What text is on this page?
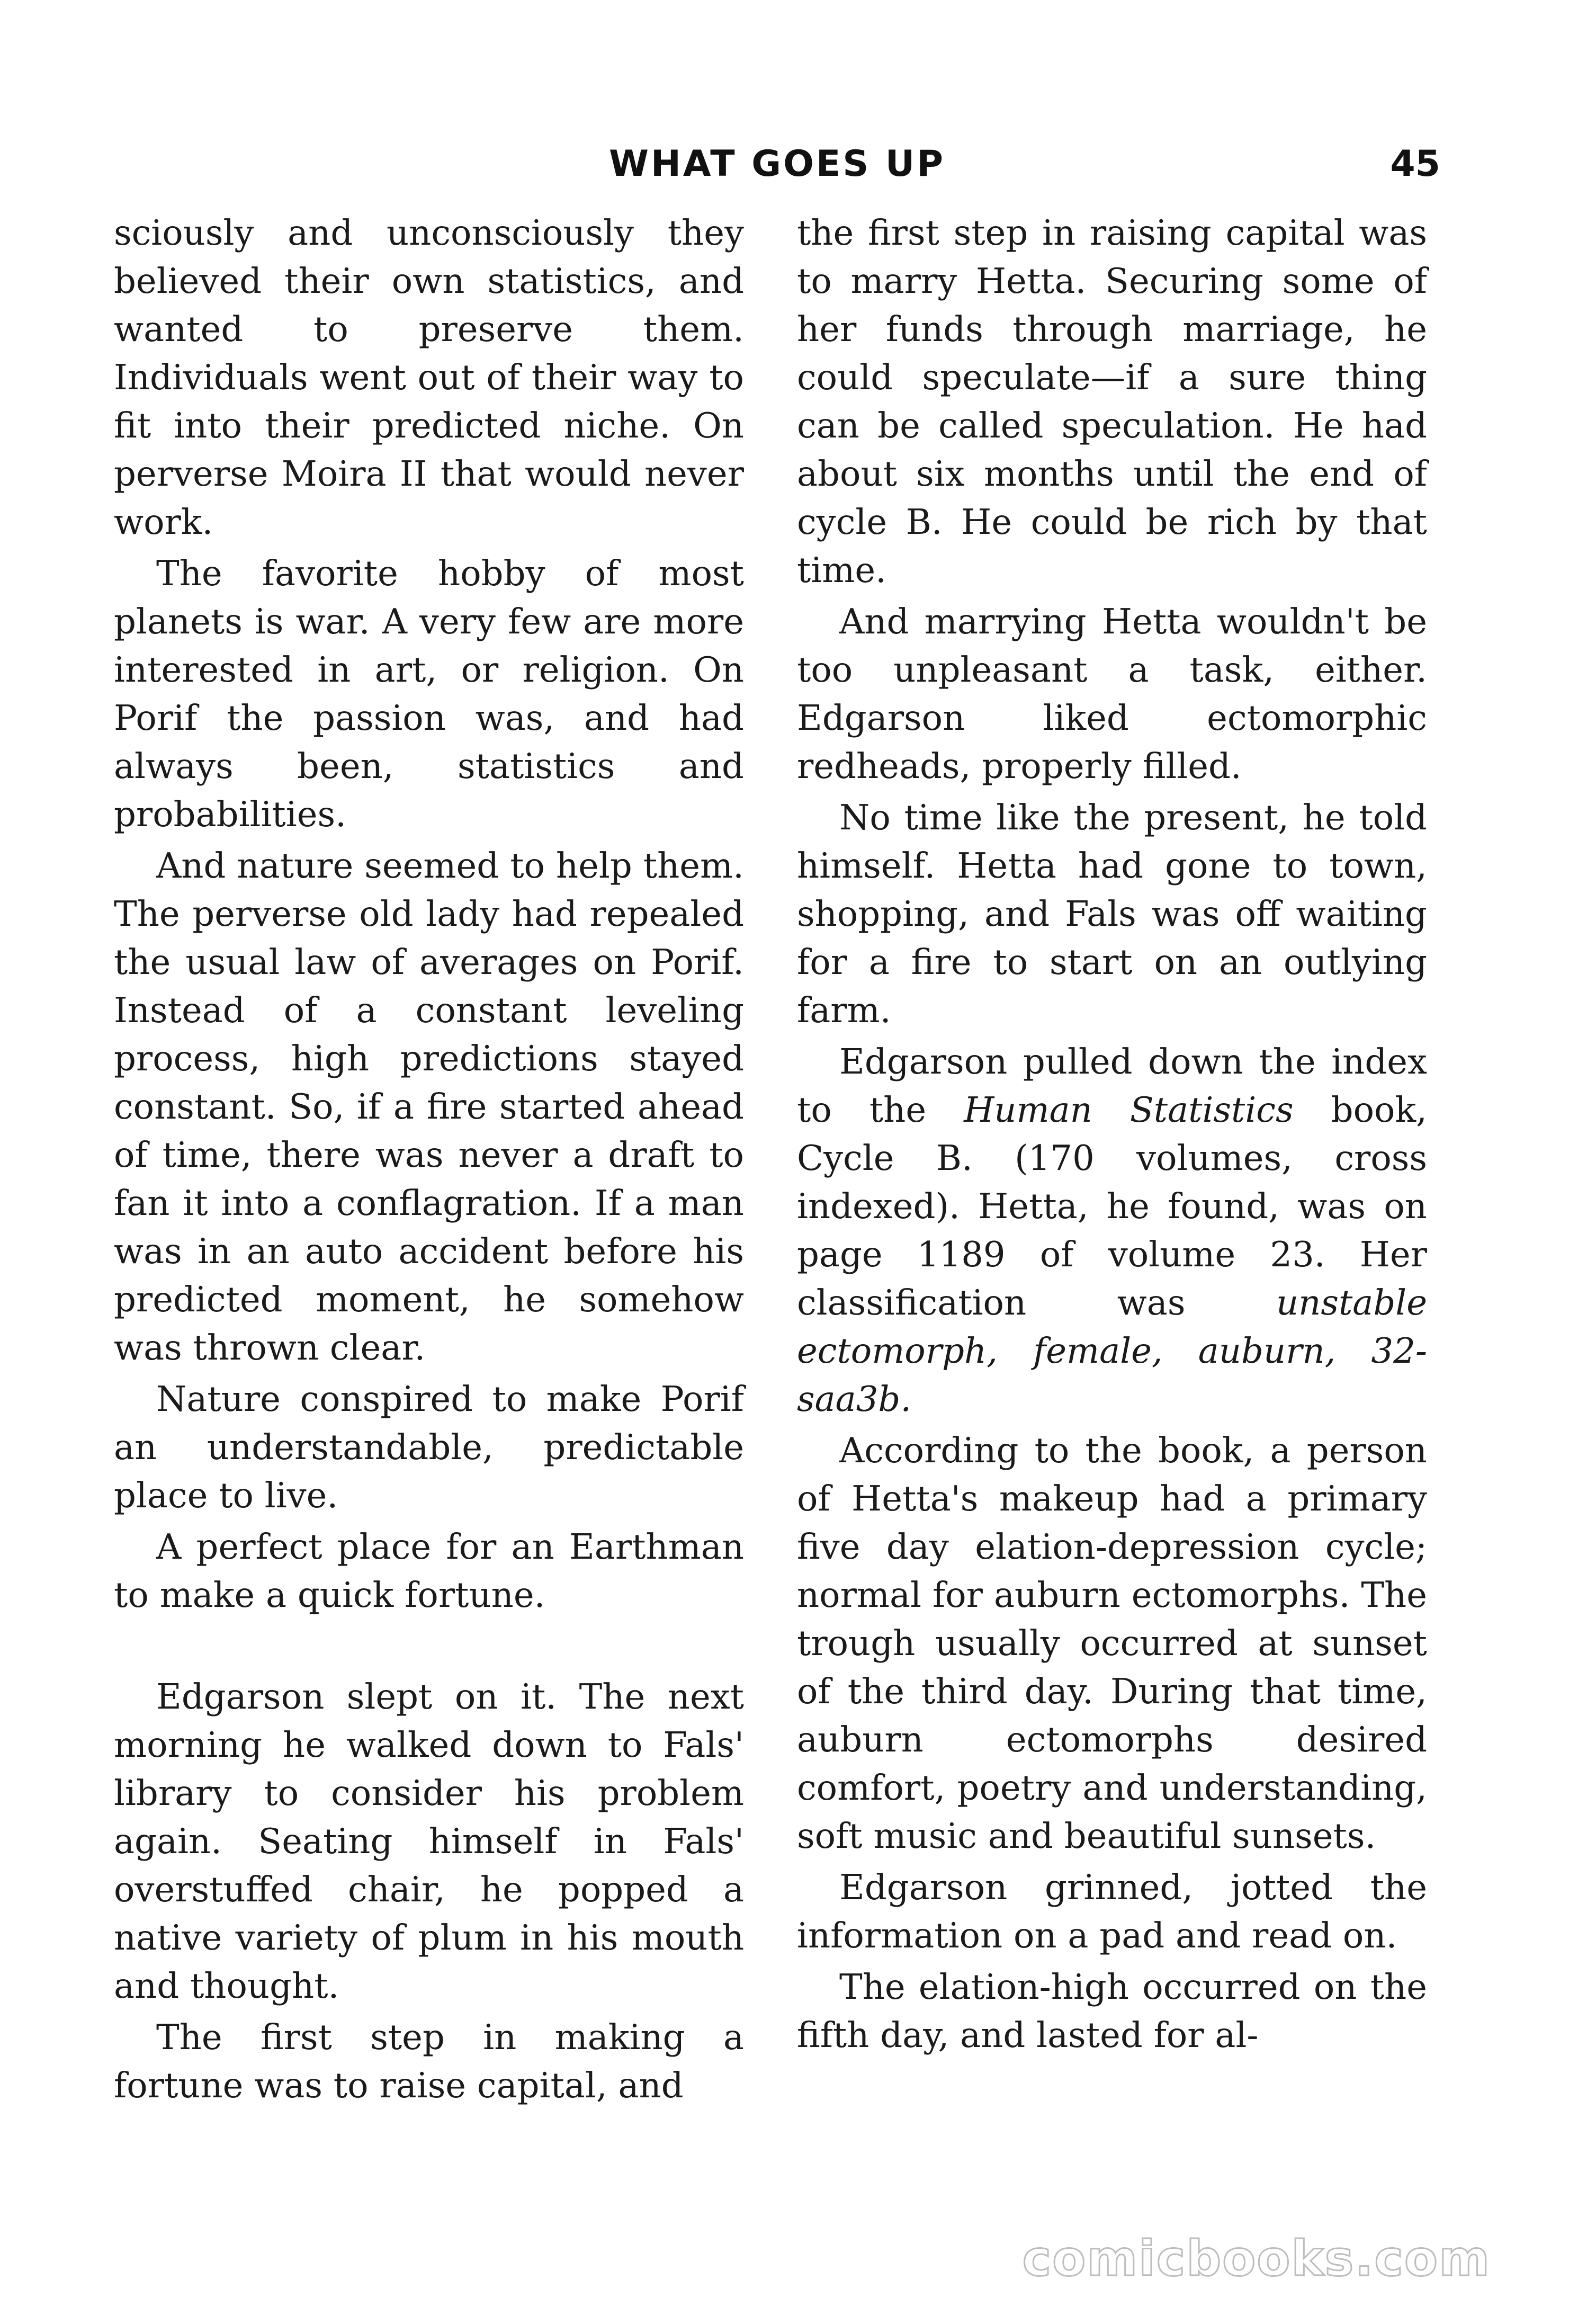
WHAT GOES UP	45

sciously and unconsciously they believed their own statistics, and wanted to preserve them. Individuals went out of their way to fit into their predicted niche. On perverse Moira II that would never work.

The favorite hobby of most planets is war. A very few are more interested in art, or religion. On Porif the passion was, and had always been, statistics and probabilities.

And nature seemed to help them. The perverse old lady had repealed the usual law of averages on Porif. Instead of a constant leveling process, high predictions stayed constant. So, if a fire started ahead of time, there was never a draft to fan it into a conflagration. If a man was in an auto accident before his predicted moment, he somehow was thrown clear.

Nature conspired to make Porif an understandable, predictable place to live.

A perfect place for an Earthman to make a quick fortune.

Edgarson slept on it. The next morning he walked down to Fals' library to consider his problem again. Seating himself in Fals' overstuffed chair, he popped a native variety of plum in his mouth and thought.

The first step in making a fortune was to raise capital, and

the first step in raising capital was to marry Hetta. Securing some of her funds through marriage, he could speculate—if a sure thing can be called speculation. He had about six months until the end of cycle B. He could be rich by that time.

And marrying Hetta wouldn't be too unpleasant a task, either. Edgarson liked ectomorphic redheads, properly filled.

No time like the present, he told himself. Hetta had gone to town, shopping, and Fals was off waiting for a fire to start on an outlying farm.

Edgarson pulled down the index to the Human Statistics book, Cycle B. (170 volumes, cross indexed). Hetta, he found, was on page 1189 of volume 23. Her classification was unstable ectomorph, female, auburn, 32-saa3b.

According to the book, a person of Hetta's makeup had a primary five day elation-depression cycle; normal for auburn ectomorphs. The trough usually occurred at sunset of the third day. During that time, auburn ectomorphs desired comfort, poetry and understanding, soft music and beautiful sunsets.

Edgarson grinned, jotted the information on a pad and read on.

The elation-high occurred on the fifth day, and lasted for al-

comicbooks.com
